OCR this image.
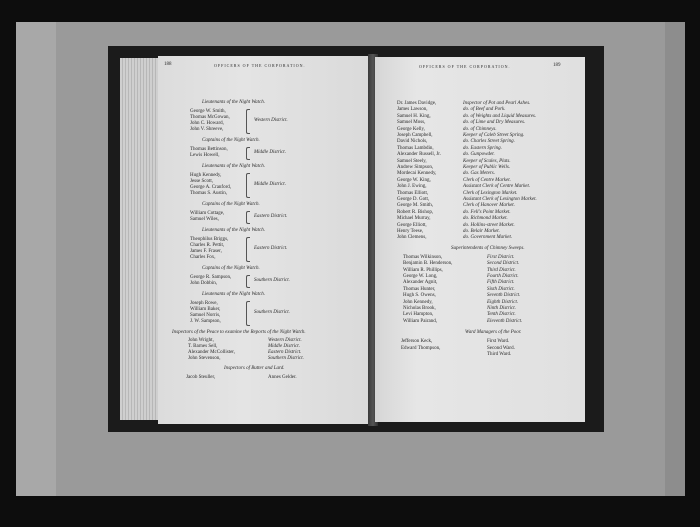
188	OFFICERS OF THE CORPORATION.
Lieutenants of the Night Watch.
George W. Smith,
Thomas McGowan,
John C. Howard,
John V. Shreeve,
Western District.
Captains of the Night Watch.
Thomas Bettinson,
Lewis Howell,
Middle District.
Lieutenants of the Night Watch.
Hugh Kennedy,
Jesse Scott,
George A. Cranford,
Thomas S. Austin,
Middle District.
Captains of the Night Watch.
William Cottage,
Samuel Wiles,
Eastern District.
Lieutenants of the Night Watch.
Theophilus Briggs,
Charles R. Pettit,
James F. Fraser,
Charles Fox,
Eastern District.
Captains of the Night Watch.
George R. Sampson,
John Dobbin,
Southern District.
Lieutenants of the Night Watch.
Joseph Rowe,
William Baker,
Samuel Norris,
J. W. Sampson,
Southern District.
Inspectors of the Peace to examine the Reports of the Night Watch.
John Wright,	Western District.
T. Barnes Sell,	Middle District.
Alexander McCollister,	Eastern District.
John Stevenson,	Southern District.
Inspectors of Butter and Lard.
Jacob Steuller,	Annes Gelder.
OFFICERS OF THE CORPORATION.	189
Dr. James Davidge,	Inspector of Pot and Pearl Ashes.
James Lawson,	do. of Beef and Pork.
Samuel H. King,	do. of Weights and Liquid Measures.
Samuel Moss,	do. of Lime and Dry Measures.
George Kelly,	do. of Chimneys.
Joseph Campbell,	Keeper of Caleb Street Spring.
David Nichols,	do. Charles Street Spring.
Thomas Lambdin,	do. Eastern Spring.
Alexander Russell, Jr.	do. Gunpowder.
Samuel Steely,	Keeper of Scales, Plats.
Andrew Simpson,	Keeper of Public Wells.
Mordecai Kennedy,	do. Gas Meters.
George W. King,	Clerk of Centre Market.
John J. Ewing,	Assistant Clerk of Centre Market.
Thomas Elliott,	Clerk of Lexington Market.
George D. Gott,	Assistant Clerk of Lexington Market.
George M. Smith,	Clerk of Hanover Market.
Robert R. Bishop,	do. Fell's Point Market.
Michael Murray,	do. Richmond Market.
George Elliott,	do. Hollins-street Market.
Henry Teese,	do. Belair Market.
John Clemens,	do. Government Market.
Superintendents of Chimney Sweeps.
Thomas Wilkinson,	First District.
Benjamin B. Henderson,	Second District.
William R. Phillips,	Third District.
George W. Long,	Fourth District.
Alexander Agnit,	Fifth District.
Thomas Hunter,	Sixth District.
Hugh S. Owens,	Seventh District.
John Kennedy,	Eighth District.
Nicholas Brook,	Ninth District.
Levi Hampton,	Tenth District.
William Pairand,	Eleventh District.
Ward Managers of the Poor.
Jefferson Keck,	First Ward.
Edward Thompson,	Second Ward.
Third Ward.
